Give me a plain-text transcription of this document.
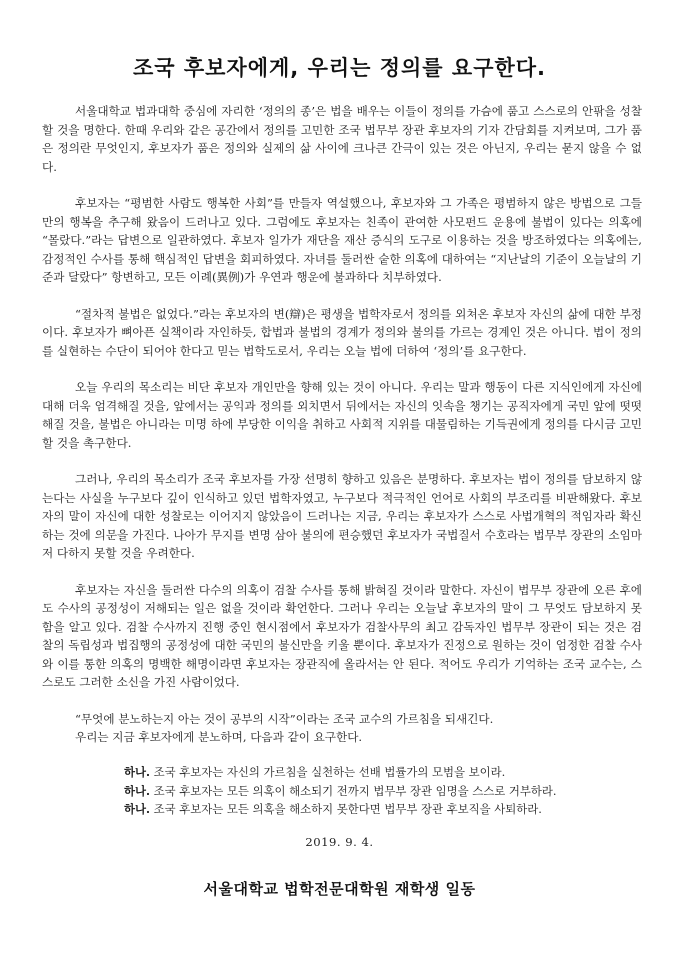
조국 후보자에게, 우리는 정의를 요구한다.

서울대학교 법과대학 중심에 자리한 ‘정의의 종’은 법을 배우는 이들이 정의를 가슴에 품고 스스로의 안팎을 성찰할 것을 명한다. 한때 우리와 같은 공간에서 정의를 고민한 조국 법무부 장관 후보자의 기자 간담회를 지켜보며, 그가 품은 정의란 무엇인지, 후보자가 품은 정의와 실제의 삶 사이에 크나큰 간극이 있는 것은 아닌지, 우리는 묻지 않을 수 없다.

후보자는 “평범한 사람도 행복한 사회”를 만들자 역설했으나, 후보자와 그 가족은 평범하지 않은 방법으로 그들만의 행복을 추구해 왔음이 드러나고 있다. 그럼에도 후보자는 친족이 관여한 사모펀드 운용에 불법이 있다는 의혹에 “몰랐다.”라는 답변으로 일관하였다. 후보자 일가가 재단을 재산 증식의 도구로 이용하는 것을 방조하였다는 의혹에는, 감정적인 수사를 통해 핵심적인 답변을 회피하였다. 자녀를 둘러싼 숱한 의혹에 대하여는 “지난날의 기준이 오늘날의 기준과 달랐다” 항변하고, 모든 이례(異例)가 우연과 행운에 불과하다 치부하였다.

“절차적 불법은 없었다.”라는 후보자의 변(辯)은 평생을 법학자로서 정의를 외쳐온 후보자 자신의 삶에 대한 부정이다. 후보자가 뼈아픈 실책이라 자인하듯, 합법과 불법의 경계가 정의와 불의를 가르는 경계인 것은 아니다. 법이 정의를 실현하는 수단이 되어야 한다고 믿는 법학도로서, 우리는 오늘 법에 더하여 ‘정의’를 요구한다.

오늘 우리의 목소리는 비단 후보자 개인만을 향해 있는 것이 아니다. 우리는 말과 행동이 다른 지식인에게 자신에 대해 더욱 엄격해질 것을, 앞에서는 공익과 정의를 외치면서 뒤에서는 자신의 잇속을 챙기는 공직자에게 국민 앞에 떳떳해질 것을, 불법은 아니라는 미명 하에 부당한 이익을 취하고 사회적 지위를 대물림하는 기득권에게 정의를 다시금 고민할 것을 촉구한다.

그러나, 우리의 목소리가 조국 후보자를 가장 선명히 향하고 있음은 분명하다. 후보자는 법이 정의를 담보하지 않는다는 사실을 누구보다 깊이 인식하고 있던 법학자였고, 누구보다 적극적인 언어로 사회의 부조리를 비판해왔다. 후보자의 말이 자신에 대한 성찰로는 이어지지 않았음이 드러나는 지금, 우리는 후보자가 스스로 사법개혁의 적임자라 확신하는 것에 의문을 가진다. 나아가 무지를 변명 삼아 불의에 편승했던 후보자가 국법질서 수호라는 법무부 장관의 소임마저 다하지 못할 것을 우려한다.

후보자는 자신을 둘러싼 다수의 의혹이 검찰 수사를 통해 밝혀질 것이라 말한다. 자신이 법무부 장관에 오른 후에도 수사의 공정성이 저해되는 일은 없을 것이라 확언한다. 그러나 우리는 오늘날 후보자의 말이 그 무엇도 담보하지 못함을 알고 있다. 검찰 수사까지 진행 중인 현시점에서 후보자가 검찰사무의 최고 감독자인 법무부 장관이 되는 것은 검찰의 독립성과 법집행의 공정성에 대한 국민의 불신만을 키울 뿐이다. 후보자가 진정으로 원하는 것이 엄정한 검찰 수사와 이를 통한 의혹의 명백한 해명이라면 후보자는 장관직에 올라서는 안 된다. 적어도 우리가 기억하는 조국 교수는, 스스로도 그러한 소신을 가진 사람이었다.

“무엇에 분노하는지 아는 것이 공부의 시작”이라는 조국 교수의 가르침을 되새긴다.

우리는 지금 후보자에게 분노하며, 다음과 같이 요구한다.

하나. 조국 후보자는 자신의 가르침을 실천하는 선배 법률가의 모범을 보이라.
하나. 조국 후보자는 모든 의혹이 해소되기 전까지 법무부 장관 임명을 스스로 거부하라.
하나. 조국 후보자는 모든 의혹을 해소하지 못한다면 법무부 장관 후보직을 사퇴하라.
2019. 9. 4.
서울대학교 법학전문대학원 재학생 일동
